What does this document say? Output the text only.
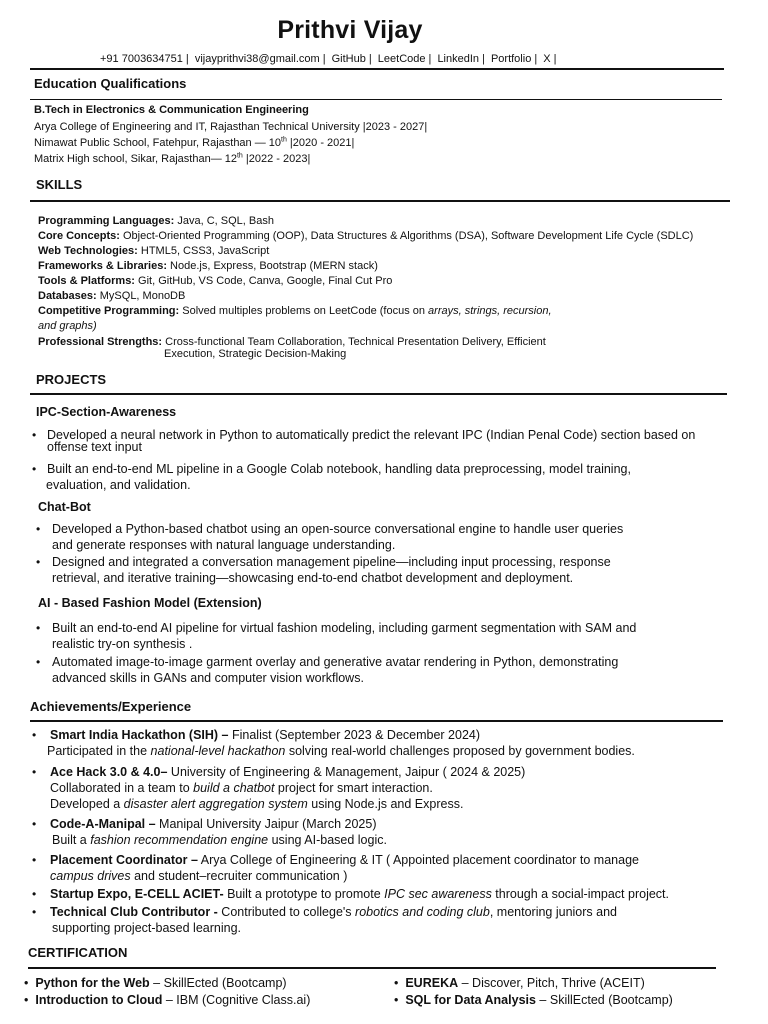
Prithvi Vijay
+91 7003634751 | vijayprithvi38@gmail.com | GitHub | LeetCode | LinkedIn | Portfolio | X |
Education Qualifications
B.Tech in Electronics & Communication Engineering
Arya College of Engineering and IT, Rajasthan Technical University |2023 - 2027|
Nimawat Public School, Fatehpur, Rajasthan — 10th |2020 - 2021|
Matrix High school, Sikar, Rajasthan— 12th |2022 - 2023|
SKILLS
Programming Languages: Java, C, SQL, Bash
Core Concepts: Object-Oriented Programming (OOP), Data Structures & Algorithms (DSA), Software Development Life Cycle (SDLC)
Web Technologies: HTML5, CSS3, JavaScript
Frameworks & Libraries: Node.js, Express, Bootstrap (MERN stack)
Tools & Platforms: Git, GitHub, VS Code, Canva, Google, Final Cut Pro
Databases: MySQL, MonoDB
Competitive Programming: Solved multiples problems on LeetCode (focus on arrays, strings, recursion,
and graphs)
Professional Strengths: Cross-functional Team Collaboration, Technical Presentation Delivery, Efficient
Execution, Strategic Decision-Making
PROJECTS
IPC-Section-Awareness
• Developed a neural network in Python to automatically predict the relevant IPC (Indian Penal Code) section based on
offense text input
• Built an end-to-end ML pipeline in a Google Colab notebook, handling data preprocessing, model training,
evaluation, and validation.
Chat-Bot
• Developed a Python-based chatbot using an open-source conversational engine to handle user queries
and generate responses with natural language understanding.
• Designed and integrated a conversation management pipeline—including input processing, response
retrieval, and iterative training—showcasing end-to-end chatbot development and deployment.
AI - Based Fashion Model (Extension)
• Built an end-to-end AI pipeline for virtual fashion modeling, including garment segmentation with SAM and
realistic try-on synthesis .
• Automated image-to-image garment overlay and generative avatar rendering in Python, demonstrating
advanced skills in GANs and computer vision workflows.
Achievements/Experience
•	Smart India Hackathon (SIH) – Finalist (September 2023 & December 2024)
Participated in the national-level hackathon solving real-world challenges proposed by government bodies.
•	Ace Hack 3.0 & 4.0– University of Engineering & Management, Jaipur ( 2024 & 2025)
Collaborated in a team to build a chatbot project for smart interaction.
Developed a disaster alert aggregation system using Node.js and Express.
•	Code-A-Manipal – Manipal University Jaipur (March 2025)
Built a fashion recommendation engine using AI-based logic.
•	Placement Coordinator – Arya College of Engineering & IT ( Appointed placement coordinator to manage
campus drives and student–recruiter communication )
•	Startup Expo, E-CELL ACIET- Built a prototype to promote IPC sec awareness through a social-impact project.
•	Technical Club Contributor - Contributed to college's robotics and coding club, mentoring juniors and
supporting project-based learning.
CERTIFICATION
• Python for the Web – SkillEcted (Bootcamp)	• EUREKA – Discover, Pitch, Thrive (ACEIT)
• Introduction to Cloud – IBM (Cognitive Class.ai)	• SQL for Data Analysis – SkillEcted (Bootcamp)
